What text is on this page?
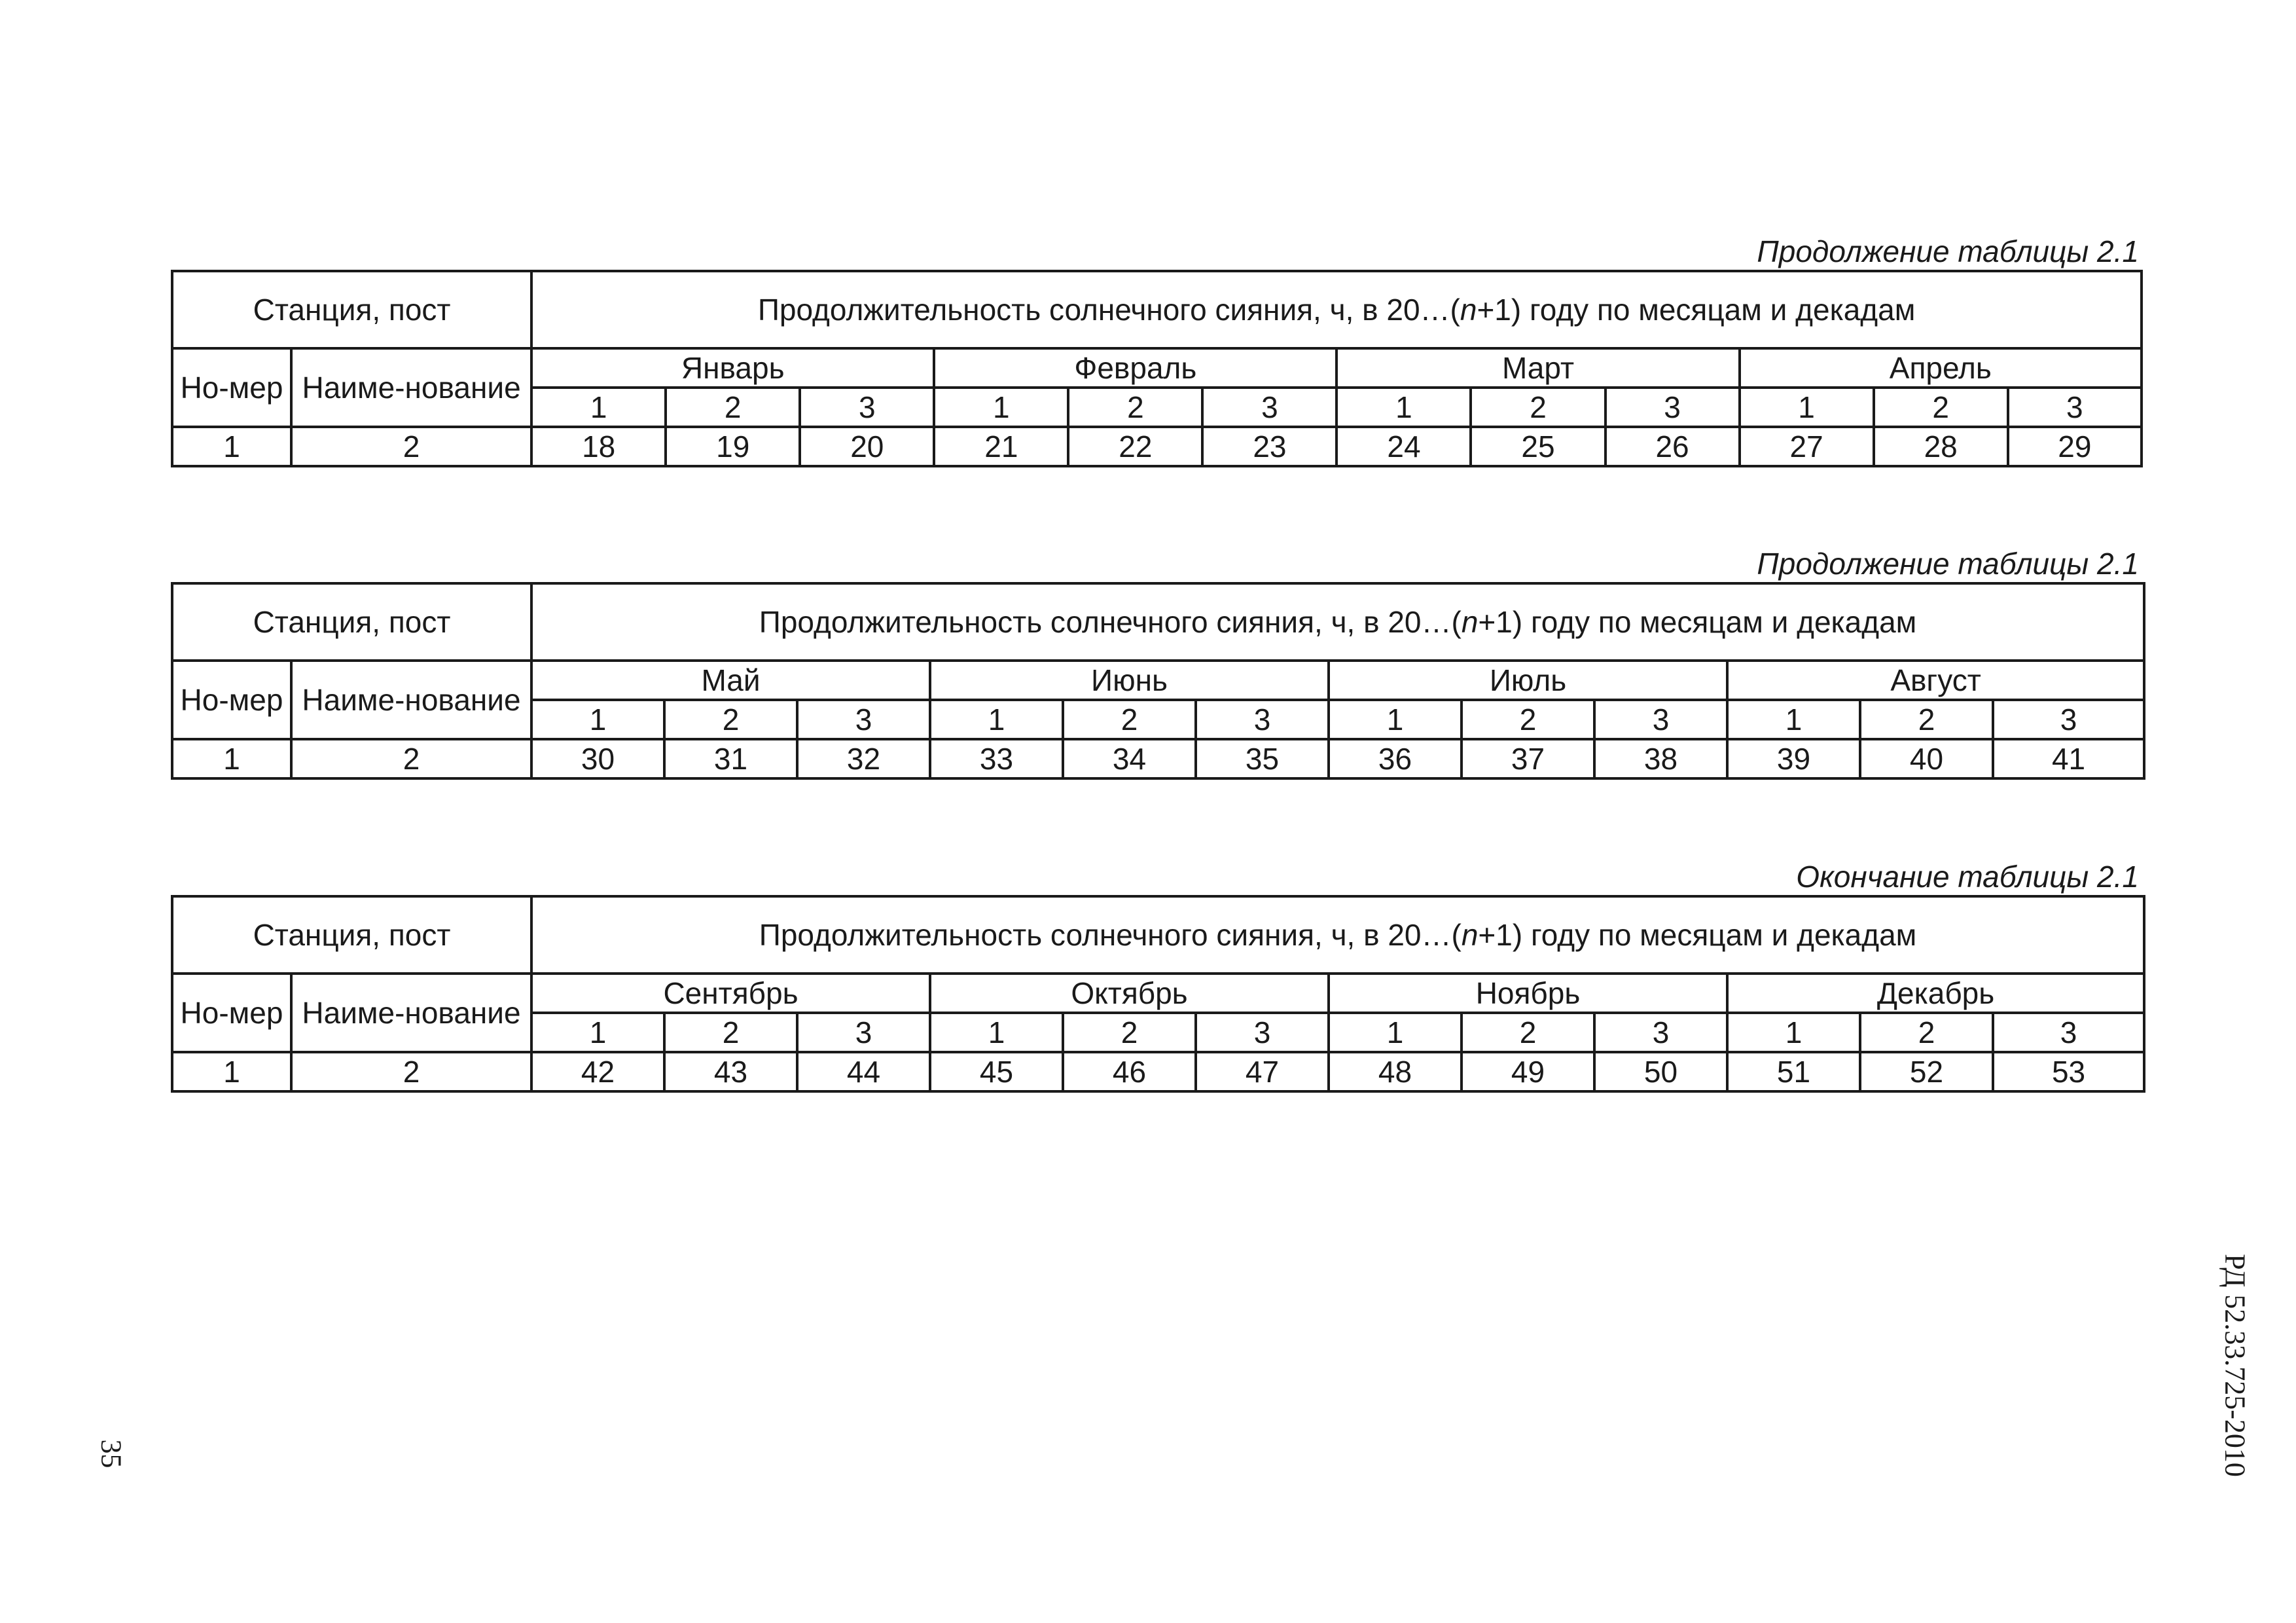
Продолжение таблицы 2.1
Станция, пост		Продолжительность солнечного сияния, ч, в 20…(n+1) году по месяцам и декадам											
Но-мер	Наиме-нование	Январь			Февраль			Март			Апрель		
		1	2	3	1	2	3	1	2	3	1	2	3
1	2	18	19	20	21	22	23	24	25	26	27	28	29
Продолжение таблицы 2.1
Станция, пост		Продолжительность солнечного сияния, ч, в 20…(n+1) году по месяцам и декадам											
Но-мер	Наиме-нование	Май			Июнь			Июль			Август		
		1	2	3	1	2	3	1	2	3	1	2	3
1	2	30	31	32	33	34	35	36	37	38	39	40	41
Окончание таблицы 2.1
Станция, пост		Продолжительность солнечного сияния, ч, в 20…(n+1) году по месяцам и декадам											
Но-мер	Наиме-нование	Сентябрь			Октябрь			Ноябрь			Декабрь		
		1	2	3	1	2	3	1	2	3	1	2	3
1	2	42	43	44	45	46	47	48	49	50	51	52	53
РД 52.33.725-2010
35
